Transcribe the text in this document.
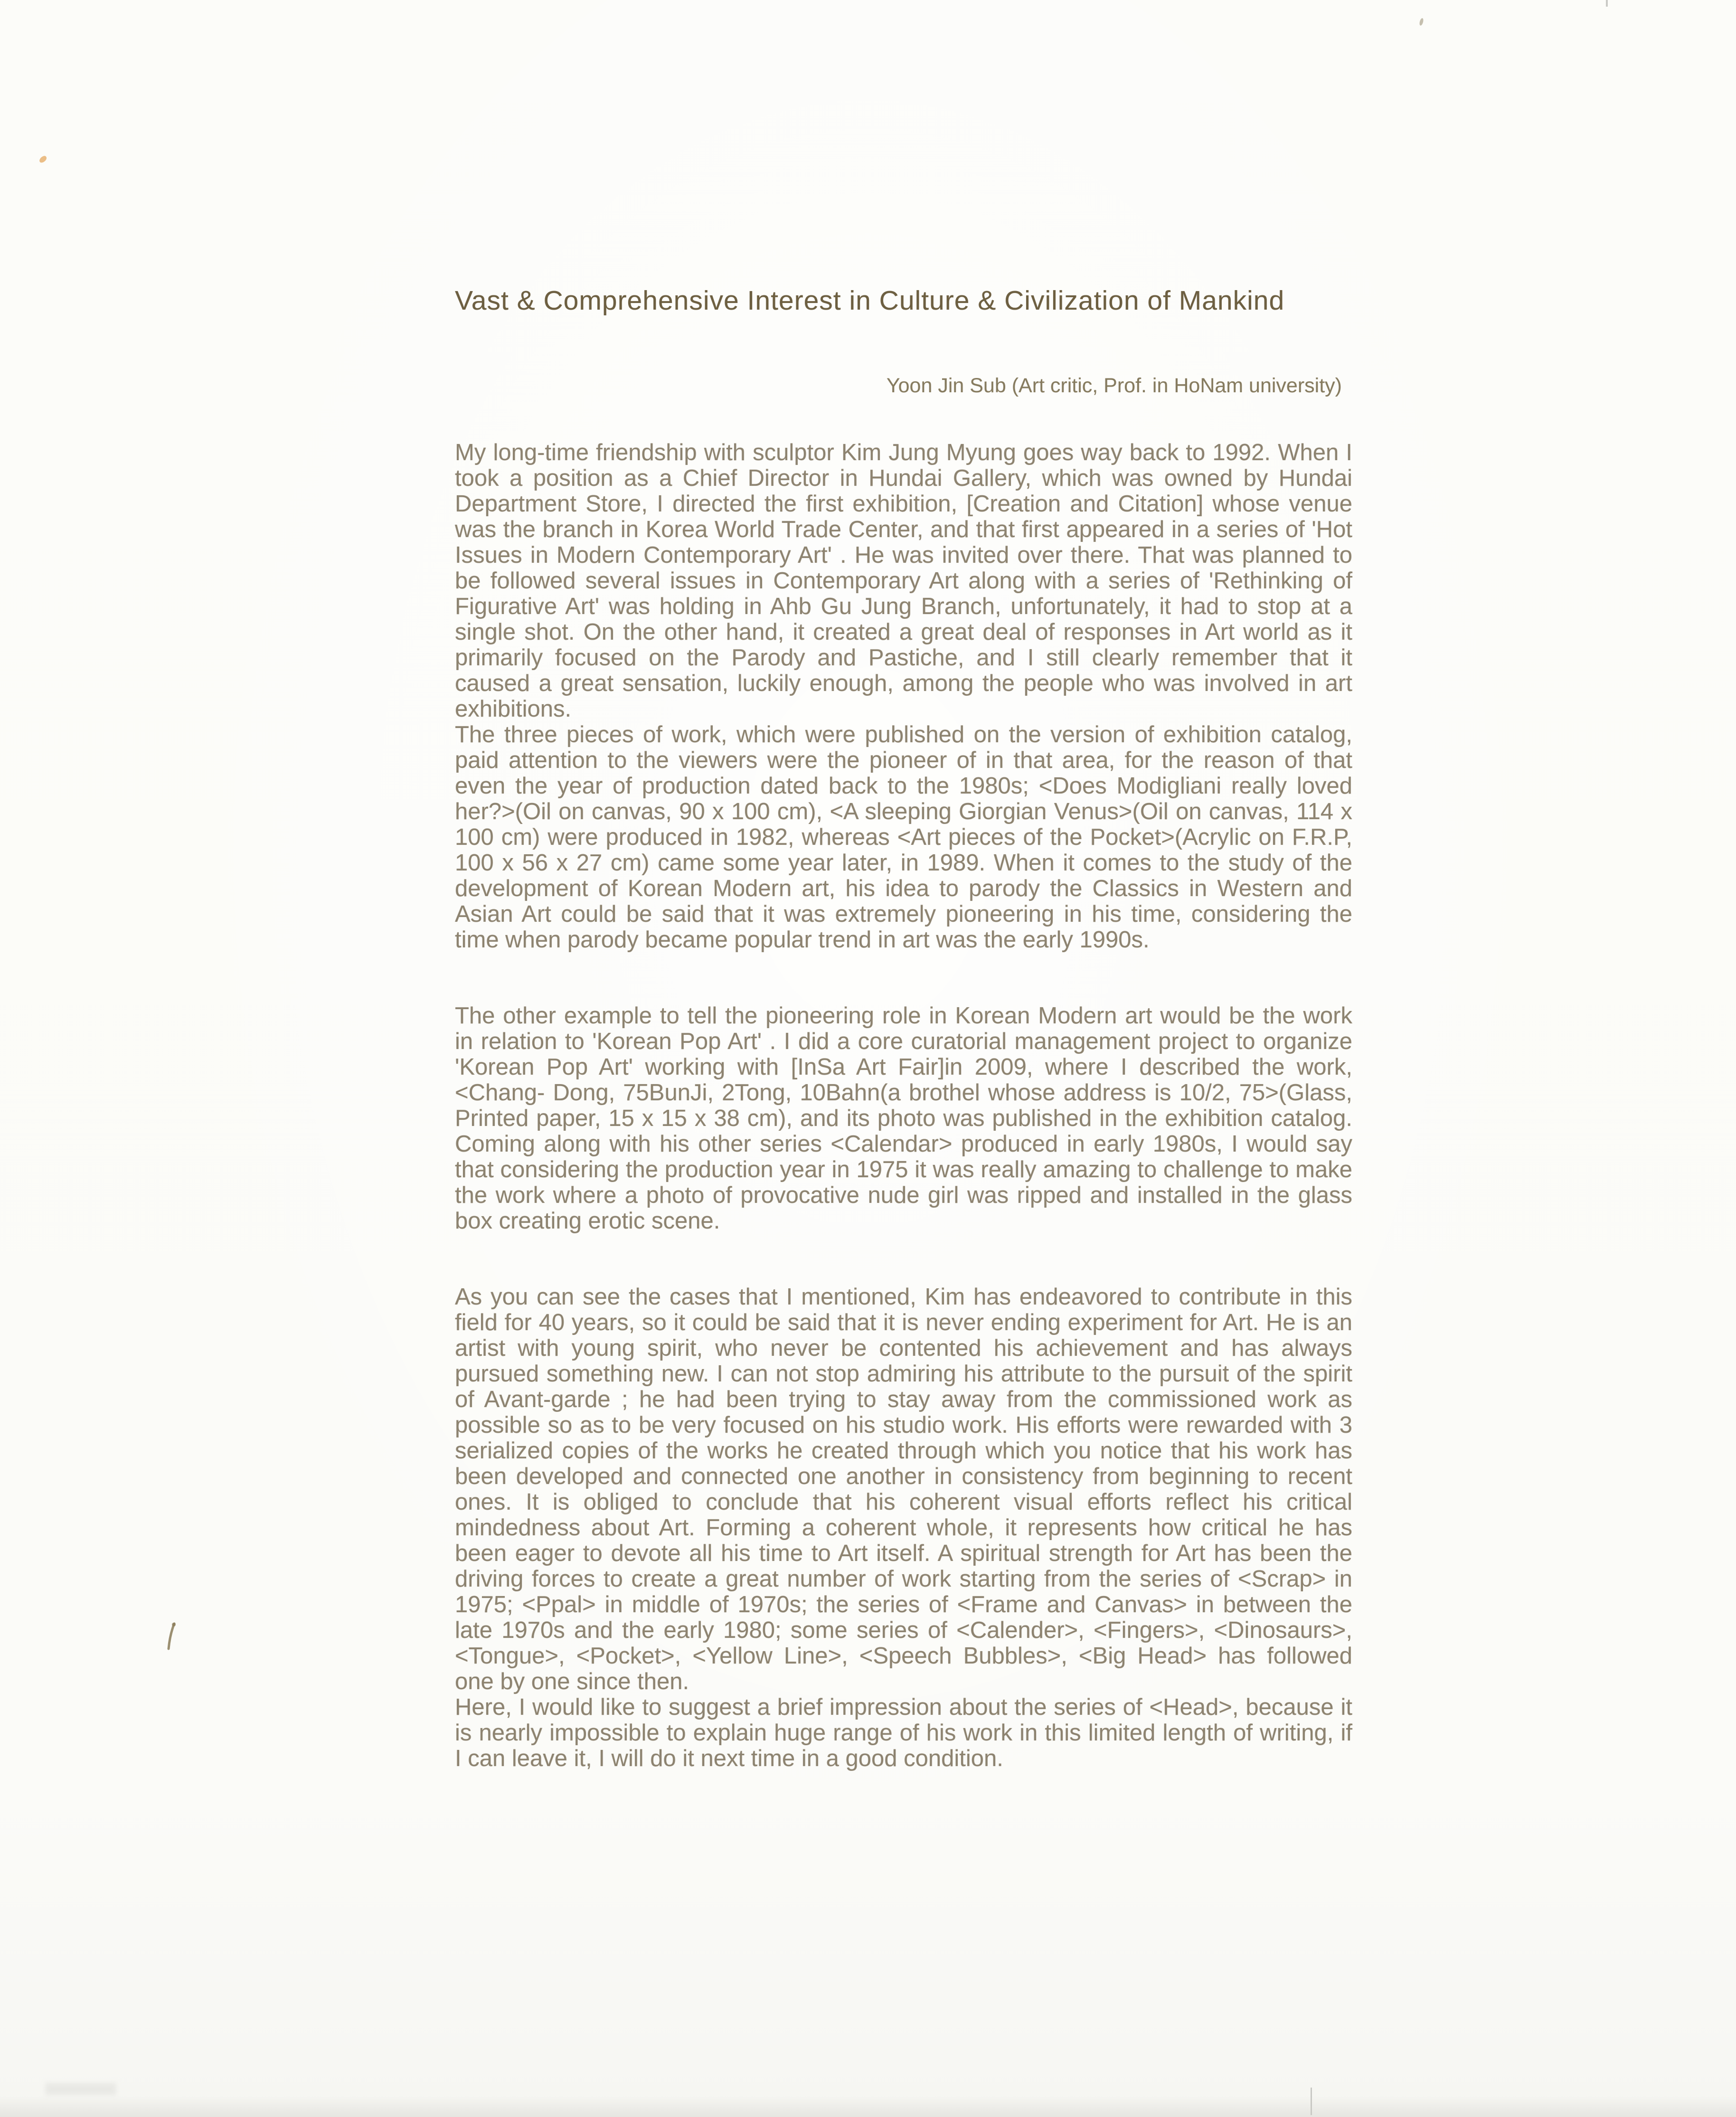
Vast & Comprehensive Interest in Culture & Civilization of Mankind
Yoon Jin Sub (Art critic, Prof. in HoNam university)

My long-time friendship with sculptor Kim Jung Myung goes way back to 1992. When I took a position as a Chief Director in Hundai Gallery, which was owned by Hundai Department Store, I directed the first exhibition, [Creation and Citation] whose venue was the branch in Korea World Trade Center, and that first appeared in a series of 'Hot Issues in Modern Contemporary Art' . He was invited over there. That was planned to be followed several issues in Contemporary Art along with a series of 'Rethinking of Figurative Art' was holding in Ahb Gu Jung Branch, unfortunately, it had to stop at a single shot. On the other hand, it created a great deal of responses in Art world as it primarily focused on the Parody and Pastiche, and I still clearly remember that it caused a great sensation, luckily enough, among the people who was involved in art exhibitions.

The three pieces of work, which were published on the version of exhibition catalog, paid attention to the viewers were the pioneer of in that area, for the reason of that even the year of production dated back to the 1980s; <Does Modigliani really loved her?>(Oil on canvas, 90 x 100 cm), <A sleeping Giorgian Venus>(Oil on canvas, 114 x 100 cm) were produced in 1982, whereas <Art pieces of the Pocket>(Acrylic on F.R.P, 100 x 56 x 27 cm) came some year later, in 1989. When it comes to the study of the development of Korean Modern art, his idea to parody the Classics in Western and Asian Art could be said that it was extremely pioneering in his time, considering the time when parody became popular trend in art was the early 1990s.

The other example to tell the pioneering role in Korean Modern art would be the work in relation to 'Korean Pop Art' . I did a core curatorial management project to organize 'Korean Pop Art' working with [InSa Art Fair]in 2009, where I described the work, <Chang- Dong, 75BunJi, 2Tong, 10Bahn(a brothel whose address is 10/2, 75>(Glass, Printed paper, 15 x 15 x 38 cm), and its photo was published in the exhibition catalog. Coming along with his other series <Calendar> produced in early 1980s, I would say that considering the production year in 1975 it was really amazing to challenge to make the work where a photo of provocative nude girl was ripped and installed in the glass box creating erotic scene.

As you can see the cases that I mentioned, Kim has endeavored to contribute in this field for 40 years, so it could be said that it is never ending experiment for Art. He is an artist with young spirit, who never be contented his achievement and has always pursued something new. I can not stop admiring his attribute to the pursuit of the spirit of Avant-garde ; he had been trying to stay away from the commissioned work as possible so as to be very focused on his studio work. His efforts were rewarded with 3 serialized copies of the works he created through which you notice that his work has been developed and connected one another in consistency from beginning to recent ones. It is obliged to conclude that his coherent visual efforts reflect his critical mindedness about Art. Forming a coherent whole, it represents how critical he has been eager to devote all his time to Art itself. A spiritual strength for Art has been the driving forces to create a great number of work starting from the series of <Scrap> in 1975; <Ppal> in middle of 1970s; the series of <Frame and Canvas> in between the late 1970s and the early 1980; some series of <Calender>, <Fingers>, <Dinosaurs>, <Tongue>, <Pocket>, <Yellow Line>, <Speech Bubbles>, <Big Head> has followed one by one since then.

Here, I would like to suggest a brief impression about the series of <Head>, because it is nearly impossible to explain huge range of his work in this limited length of writing, if I can leave it, I will do it next time in a good condition.
